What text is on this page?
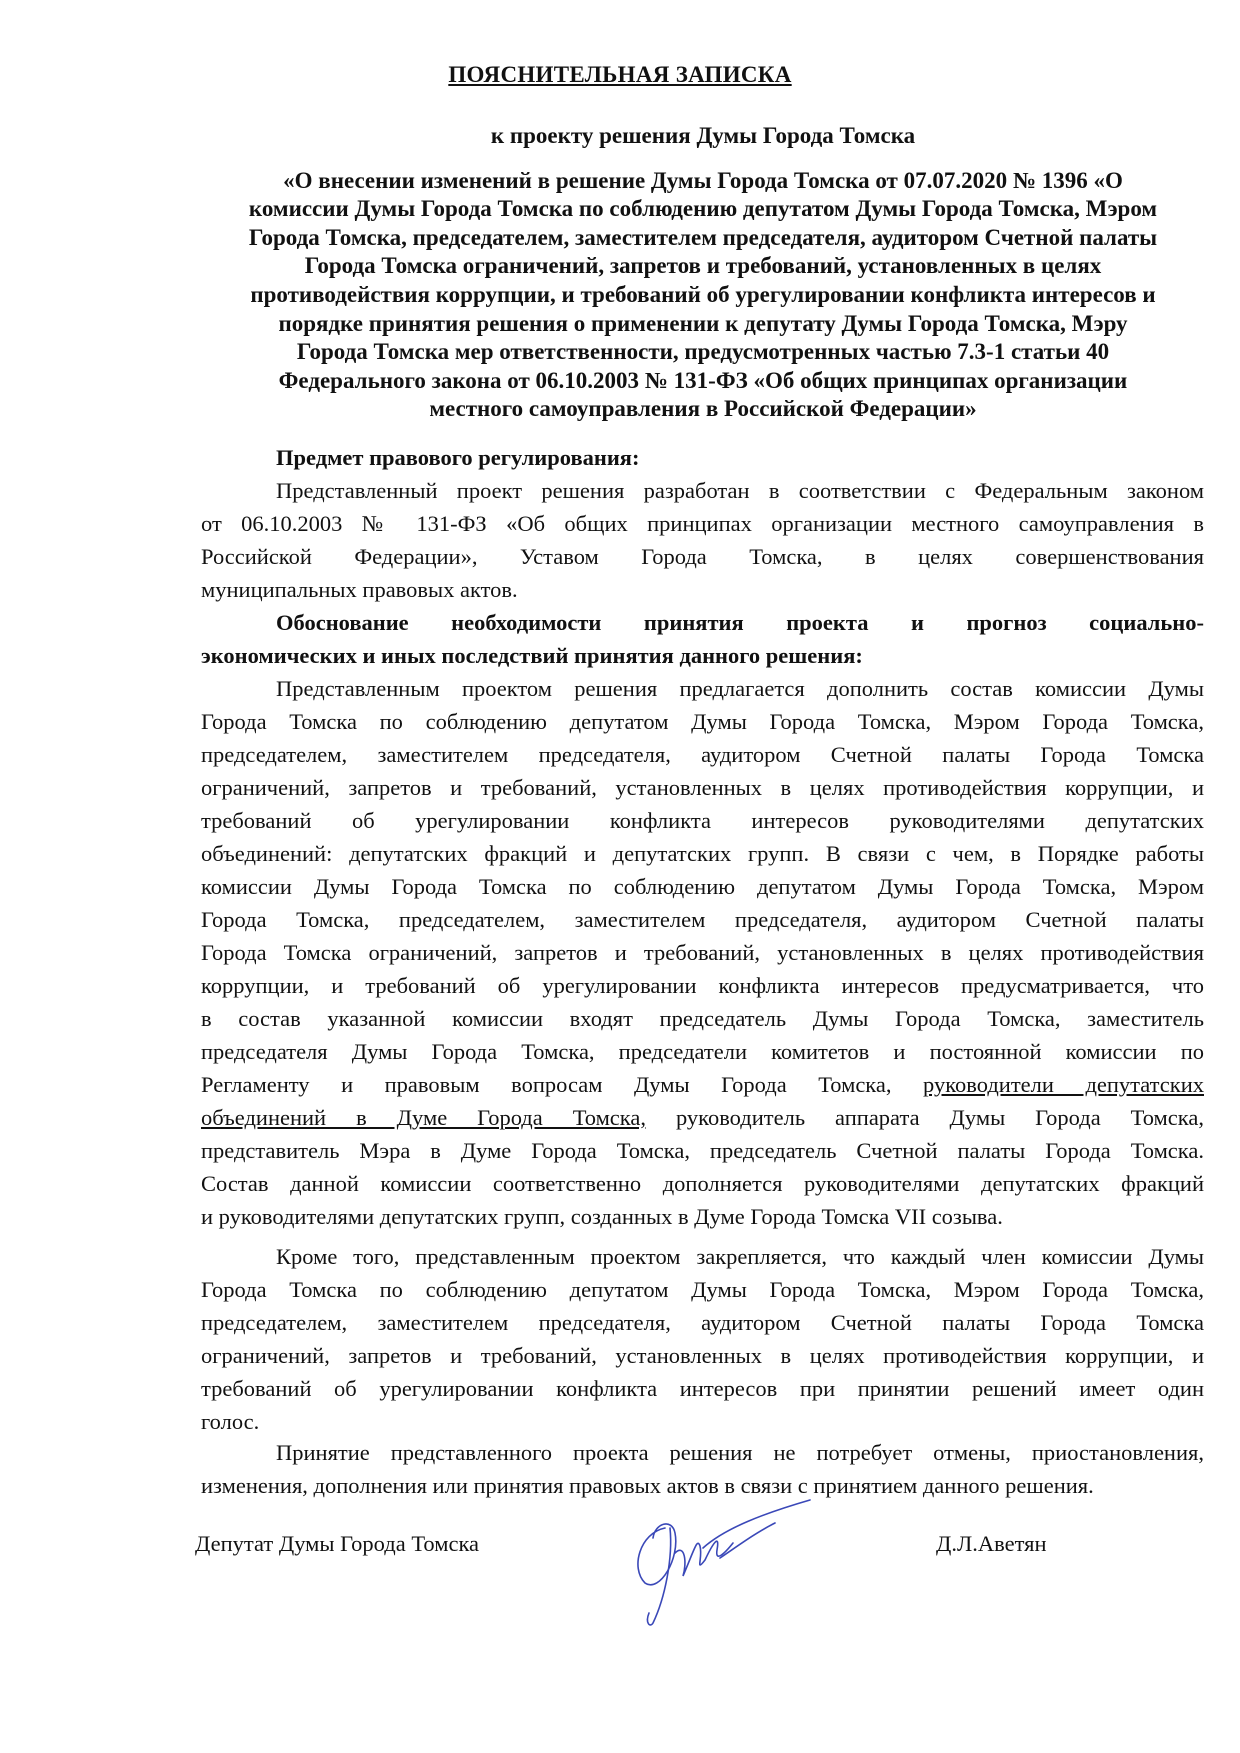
ПОЯСНИТЕЛЬНАЯ ЗАПИСКА
к проекту решения Думы Города Томска
«О внесении изменений в решение Думы Города Томска от 07.07.2020 № 1396 «О
комиссии Думы Города Томска по соблюдению депутатом Думы Города Томска, Мэром
Города Томска, председателем, заместителем председателя, аудитором Счетной палаты
Города Томска ограничений, запретов и требований, установленных в целях
противодействия коррупции, и требований об урегулировании конфликта интересов и
порядке принятия решения о применении к депутату Думы Города Томска, Мэру
Города Томска мер ответственности, предусмотренных частью 7.3-1 статьи 40
Федерального закона от 06.10.2003 № 131-ФЗ «Об общих принципах организации
местного самоуправления в Российской Федерации»
Предмет правового регулирования:
Представленный проект решения разработан в соответствии с Федеральным законом
от 06.10.2003 № 131-ФЗ «Об общих принципах организации местного самоуправления в
Российской Федерации», Уставом Города Томска, в целях совершенствования
муниципальных правовых актов.
Обоснование необходимости принятия проекта и прогноз социально-
экономических и иных последствий принятия данного решения:
Представленным проектом решения предлагается дополнить состав комиссии Думы
Города Томска по соблюдению депутатом Думы Города Томска, Мэром Города Томска,
председателем, заместителем председателя, аудитором Счетной палаты Города Томска
ограничений, запретов и требований, установленных в целях противодействия коррупции, и
требований об урегулировании конфликта интересов руководителями депутатских
объединений: депутатских фракций и депутатских групп. В связи с чем, в Порядке работы
комиссии Думы Города Томска по соблюдению депутатом Думы Города Томска, Мэром
Города Томска, председателем, заместителем председателя, аудитором Счетной палаты
Города Томска ограничений, запретов и требований, установленных в целях противодействия
коррупции, и требований об урегулировании конфликта интересов предусматривается, что
в состав указанной комиссии входят председатель Думы Города Томска, заместитель
председателя Думы Города Томска, председатели комитетов и постоянной комиссии по
Регламенту и правовым вопросам Думы Города Томска, руководители депутатских
объединений в Думе Города Томска, руководитель аппарата Думы Города Томска,
представитель Мэра в Думе Города Томска, председатель Счетной палаты Города Томска.
Состав данной комиссии соответственно дополняется руководителями депутатских фракций
и руководителями депутатских групп, созданных в Думе Города Томска VII созыва.
Кроме того, представленным проектом закрепляется, что каждый член комиссии Думы
Города Томска по соблюдению депутатом Думы Города Томска, Мэром Города Томска,
председателем, заместителем председателя, аудитором Счетной палаты Города Томска
ограничений, запретов и требований, установленных в целях противодействия коррупции, и
требований об урегулировании конфликта интересов при принятии решений имеет один
голос.
Принятие представленного проекта решения не потребует отмены, приостановления,
изменения, дополнения или принятия правовых актов в связи с принятием данного решения.
Депутат Думы Города Томска	Д.Л.Аветян
